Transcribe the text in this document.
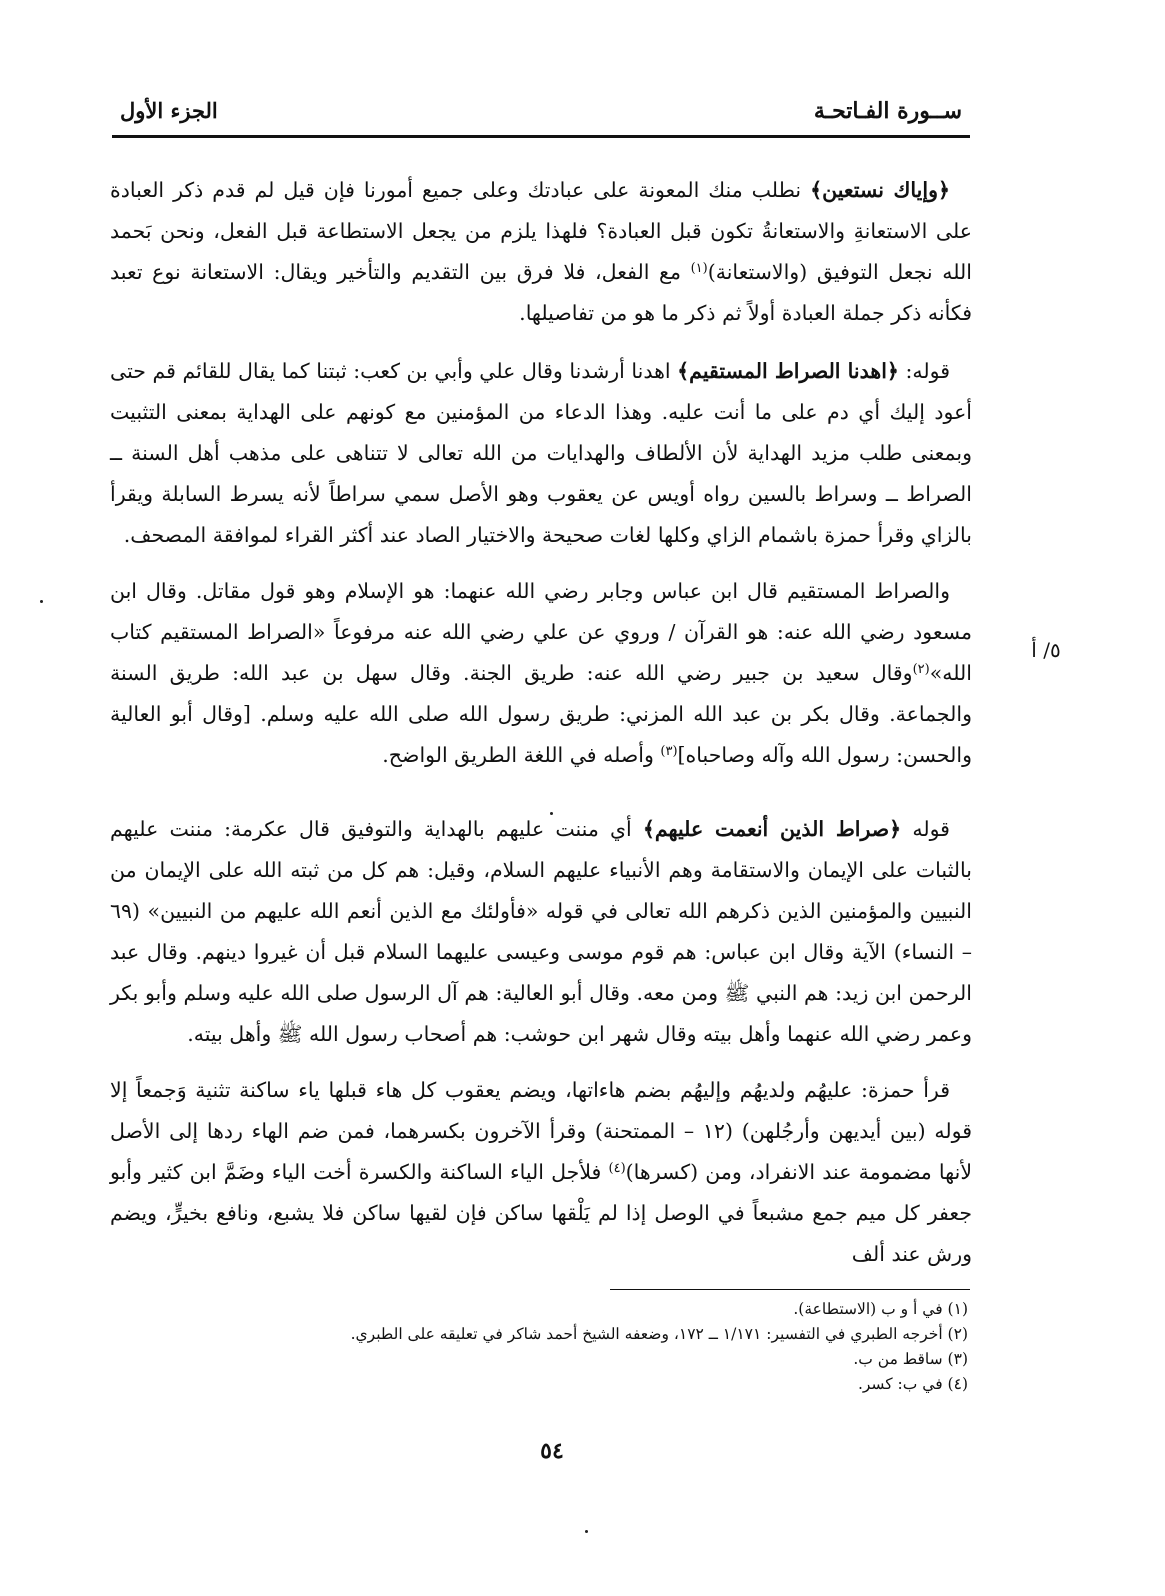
ســورة الفـاتحـة
الجزء الأول

﴿وإياك نستعين﴾ نطلب منك المعونة على عبادتك وعلى جميع أمورنا فإن قيل لم قدم ذكر العبادة على الاستعانةِ والاستعانةُ تكون قبل العبادة؟ فلهذا يلزم من يجعل الاستطاعة قبل الفعل، ونحن بَحمد الله نجعل التوفيق (والاستعانة)$^{(١)}$ مع الفعل، فلا فرق بين التقديم والتأخير ويقال: الاستعانة نوع تعبد فكأنه ذكر جملة العبادة أولاً ثم ذكر ما هو من تفاصيلها.

قوله: ﴿اهدنا الصراط المستقيم﴾ اهدنا أرشدنا وقال علي وأبي بن كعب: ثبتنا كما يقال للقائم قم حتى أعود إليك أي دم على ما أنت عليه. وهذا الدعاء من المؤمنين مع كونهم على الهداية بمعنى التثبيت وبمعنى طلب مزيد الهداية لأن الألطاف والهدايات من الله تعالى لا تتناهى على مذهب أهل السنة ــ الصراط ــ وسراط بالسين رواه أويس عن يعقوب وهو الأصل سمي سراطاً لأنه يسرط السابلة ويقرأ بالزاي وقرأ حمزة باشمام الزاي وكلها لغات صحيحة والاختيار الصاد عند أكثر القراء لموافقة المصحف.

والصراط المستقيم قال ابن عباس وجابر رضي الله عنهما: هو الإسلام وهو قول مقاتل. وقال ابن مسعود رضي الله عنه: هو القرآن / وروي عن علي رضي الله عنه مرفوعاً «الصراط المستقيم كتاب الله»$^{(٢)}$وقال سعيد بن جبير رضي الله عنه: طريق الجنة. وقال سهل بن عبد الله: طريق السنة والجماعة. وقال بكر بن عبد الله المزني: طريق رسول الله صلى الله عليه وسلم. [وقال أبو العالية والحسن: رسول الله وآله وصاحباه]$^{(٣)}$ وأصله في اللغة الطريق الواضح.

قوله ﴿صراط الذين أنعمت عليهم﴾ أي مننت عليهم بالهداية والتوفيق قال عكرمة: مننت عليهم بالثبات على الإيمان والاستقامة وهم الأنبياء عليهم السلام، وقيل: هم كل من ثبته الله على الإيمان من النبيين والمؤمنين الذين ذكرهم الله تعالى في قوله «فأولئك مع الذين أنعم الله عليهم من النبيين» (٦٩ – النساء) الآية وقال ابن عباس: هم قوم موسى وعيسى عليهما السلام قبل أن غيروا دينهم. وقال عبد الرحمن ابن زيد: هم النبي ﷺ ومن معه. وقال أبو العالية: هم آل الرسول صلى الله عليه وسلم وأبو بكر وعمر رضي الله عنهما وأهل بيته وقال شهر ابن حوشب: هم أصحاب رسول الله ﷺ وأهل بيته.

قرأ حمزة: عليهُم ولديهُم وإليهُم بضم هاءاتها، ويضم يعقوب كل هاء قبلها ياء ساكنة تثنية وَجمعاً إلا قوله (بين أيديهن وأرجُلهن) (١٢ – الممتحنة) وقرأ الآخرون بكسرهما، فمن ضم الهاء ردها إلى الأصل لأنها مضمومة عند الانفراد، ومن (كسرها)$^{(٤)}$ فلأجل الياء الساكنة والكسرة أخت الياء وضَمَّ ابن كثير وأبو جعفر كل ميم جمع مشبعاً في الوصل إذا لم يَلْقها ساكن فإن لقيها ساكن فلا يشبع، ونافع بخيرٍّ، ويضم ورش عند ألف

٥/ أ

(١) في أ و ب (الاستطاعة).

(٢) أخرجه الطبري في التفسير: ١/١٧١ ــ ١٧٢، وضعفه الشيخ أحمد شاكر في تعليقه على الطبري.

(٣) ساقط من ب.

(٤) في ب: كسر.

٥٤
